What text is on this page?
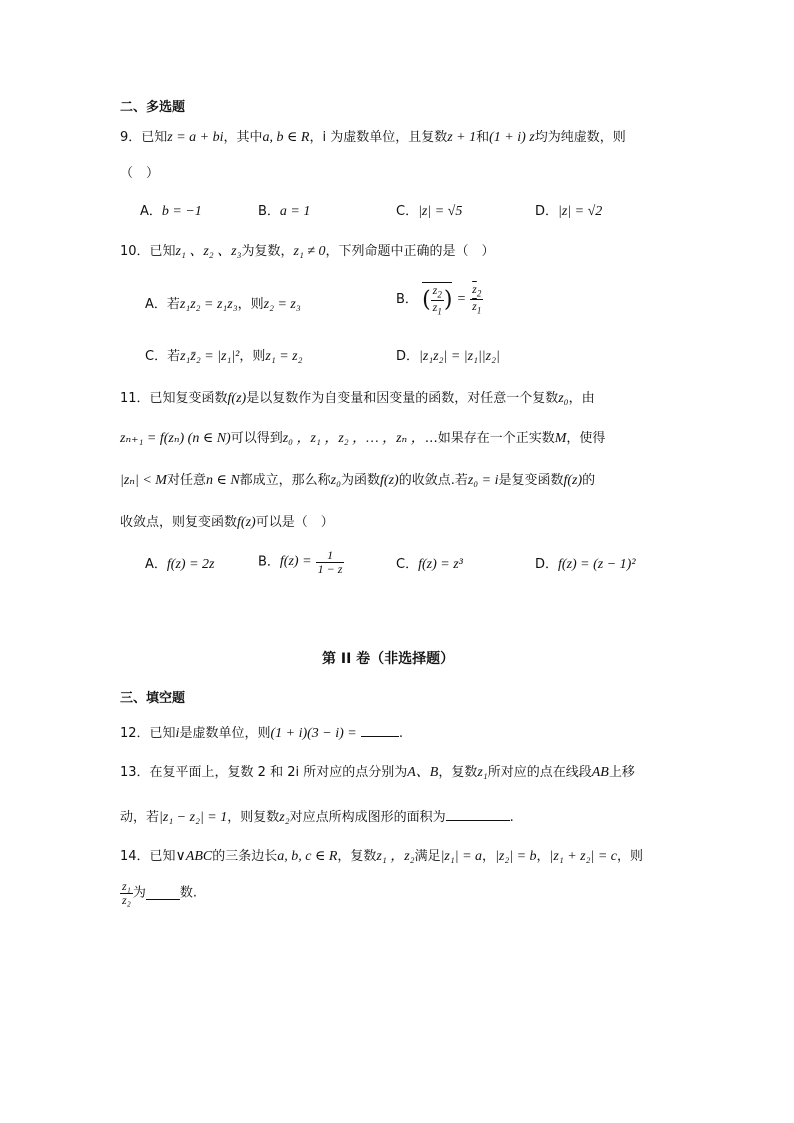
二、多选题
9．已知z = a + bi，其中a, b ∈ R，i 为虚数单位，且复数z + 1和(1 + i) z均为纯虚数，则
（　）
A．b = −1	B．a = 1	C．|z| = √5	D．|z| = √2
10．已知z₁ 、z₂ 、z₃为复数，z₁ ≠ 0，下列命题中正确的是（　）
A．若z₁z₂ = z₁z₃，则z₂ = z₃	B． ( $\frac{z_2}{z_1}$ ) = $\frac{\overline{z}_2}{\overline{z}_1}$
C．若z₁z̄₂ = |z₁|²，则z₁ = z₂	D．|z₁z₂| = |z₁||z₂|
11．已知复变函数f(z)是以复数作为自变量和因变量的函数，对任意一个复数z₀，由
zₙ₊₁ = f(zₙ) (n ∈ N)可以得到z₀ ，z₁ ，z₂ ，… ，zₙ ，…如果存在一个正实数M，使得
|zₙ| < M对任意n ∈ N都成立，那么称z₀为函数f(z)的收敛点.若z₀ = i是复变函数f(z)的
收敛点，则复变函数f(z)可以是（　）
A．f(z) = 2z	B．$f(z) = \frac{1}{1 - z}$	C．f(z) = z³	D．f(z) = (z − 1)²
第 II 卷（非选择题）
三、填空题
12．已知i是虚数单位，则(1 + i)(3 − i) =	.
13．在复平面上，复数 2 和 2i 所对应的点分别为A、B，复数z₁所对应的点在线段AB上移
动，若|z₁ − z₂| = 1，则复数z₂对应点所构成图形的面积为	.
14．已知∨ABC的三条边长a, b, c ∈ R，复数z₁ ，z₂满足|z₁| = a，|z₂| = b，|z₁ + z₂| = c，则
$\frac{\text{z₁}}{\text{z₂}}$ 为	数.
